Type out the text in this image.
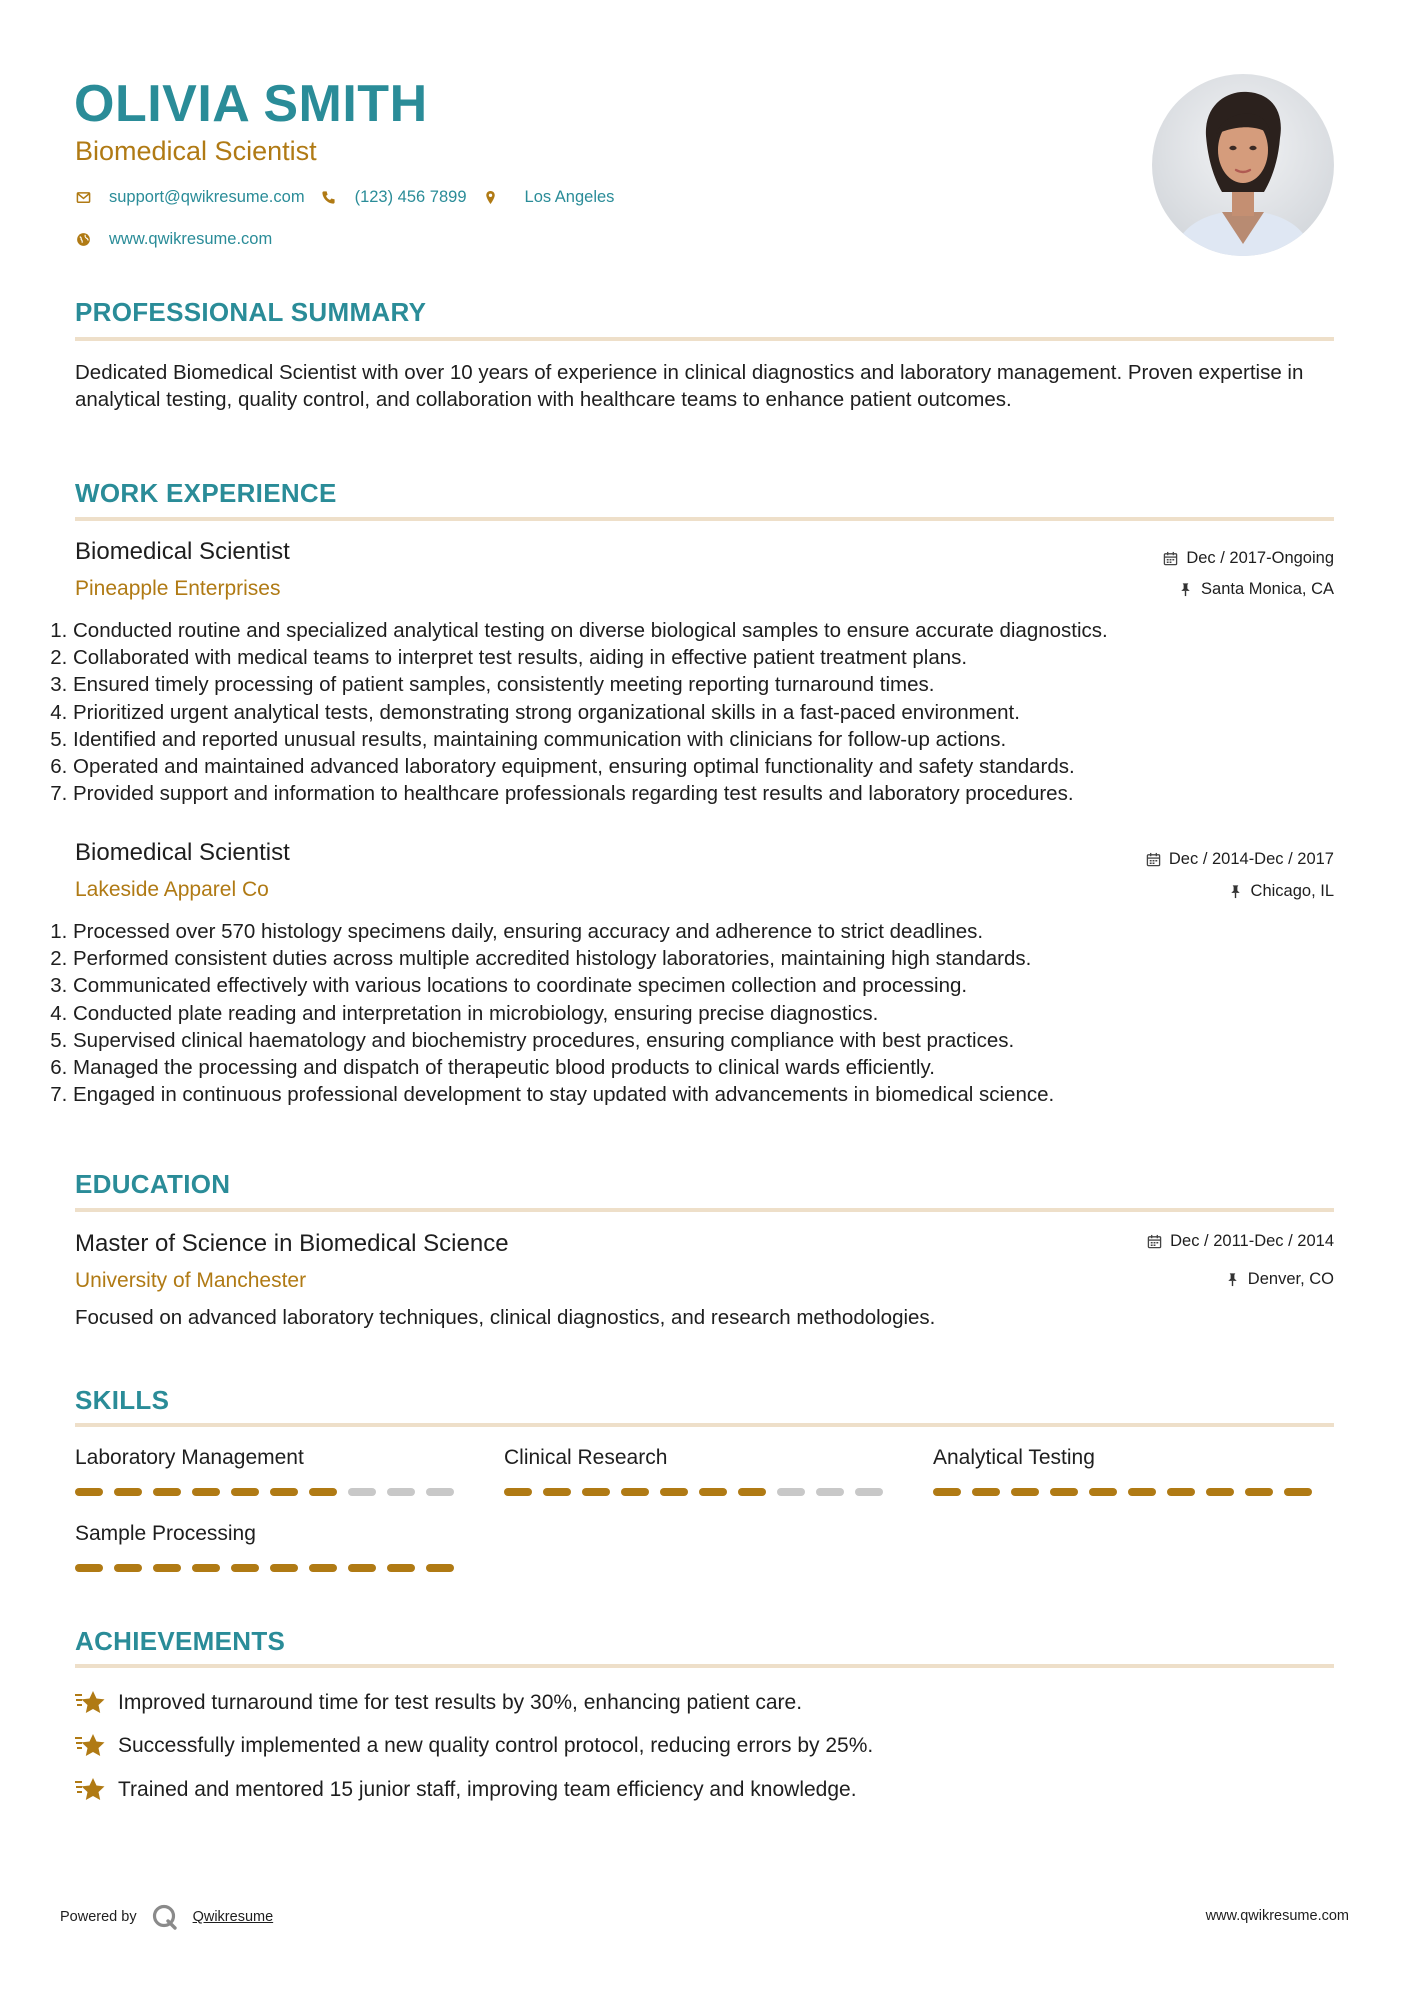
OLIVIA SMITH
Biomedical Scientist
support@qwikresume.com	(123) 456 7899	Los Angeles
www.qwikresume.com
PROFESSIONAL SUMMARY
Dedicated Biomedical Scientist with over 10 years of experience in clinical diagnostics and laboratory management. Proven expertise in analytical testing, quality control, and collaboration with healthcare teams to enhance patient outcomes.
WORK EXPERIENCE
Biomedical Scientist
Pineapple Enterprises
Dec / 2017-Ongoing
Santa Monica, CA
1. Conducted routine and specialized analytical testing on diverse biological samples to ensure accurate diagnostics.
2. Collaborated with medical teams to interpret test results, aiding in effective patient treatment plans.
3. Ensured timely processing of patient samples, consistently meeting reporting turnaround times.
4. Prioritized urgent analytical tests, demonstrating strong organizational skills in a fast-paced environment.
5. Identified and reported unusual results, maintaining communication with clinicians for follow-up actions.
6. Operated and maintained advanced laboratory equipment, ensuring optimal functionality and safety standards.
7. Provided support and information to healthcare professionals regarding test results and laboratory procedures.
Biomedical Scientist
Lakeside Apparel Co
Dec / 2014-Dec / 2017
Chicago, IL
1. Processed over 570 histology specimens daily, ensuring accuracy and adherence to strict deadlines.
2. Performed consistent duties across multiple accredited histology laboratories, maintaining high standards.
3. Communicated effectively with various locations to coordinate specimen collection and processing.
4. Conducted plate reading and interpretation in microbiology, ensuring precise diagnostics.
5. Supervised clinical haematology and biochemistry procedures, ensuring compliance with best practices.
6. Managed the processing and dispatch of therapeutic blood products to clinical wards efficiently.
7. Engaged in continuous professional development to stay updated with advancements in biomedical science.
EDUCATION
Master of Science in Biomedical Science
University of Manchester
Dec / 2011-Dec / 2014
Denver, CO
Focused on advanced laboratory techniques, clinical diagnostics, and research methodologies.
SKILLS
Laboratory Management	Clinical Research	Analytical Testing
Sample Processing
ACHIEVEMENTS
Improved turnaround time for test results by 30%, enhancing patient care.
Successfully implemented a new quality control protocol, reducing errors by 25%.
Trained and mentored 15 junior staff, improving team efficiency and knowledge.
Powered by	Qwikresume	www.qwikresume.com
